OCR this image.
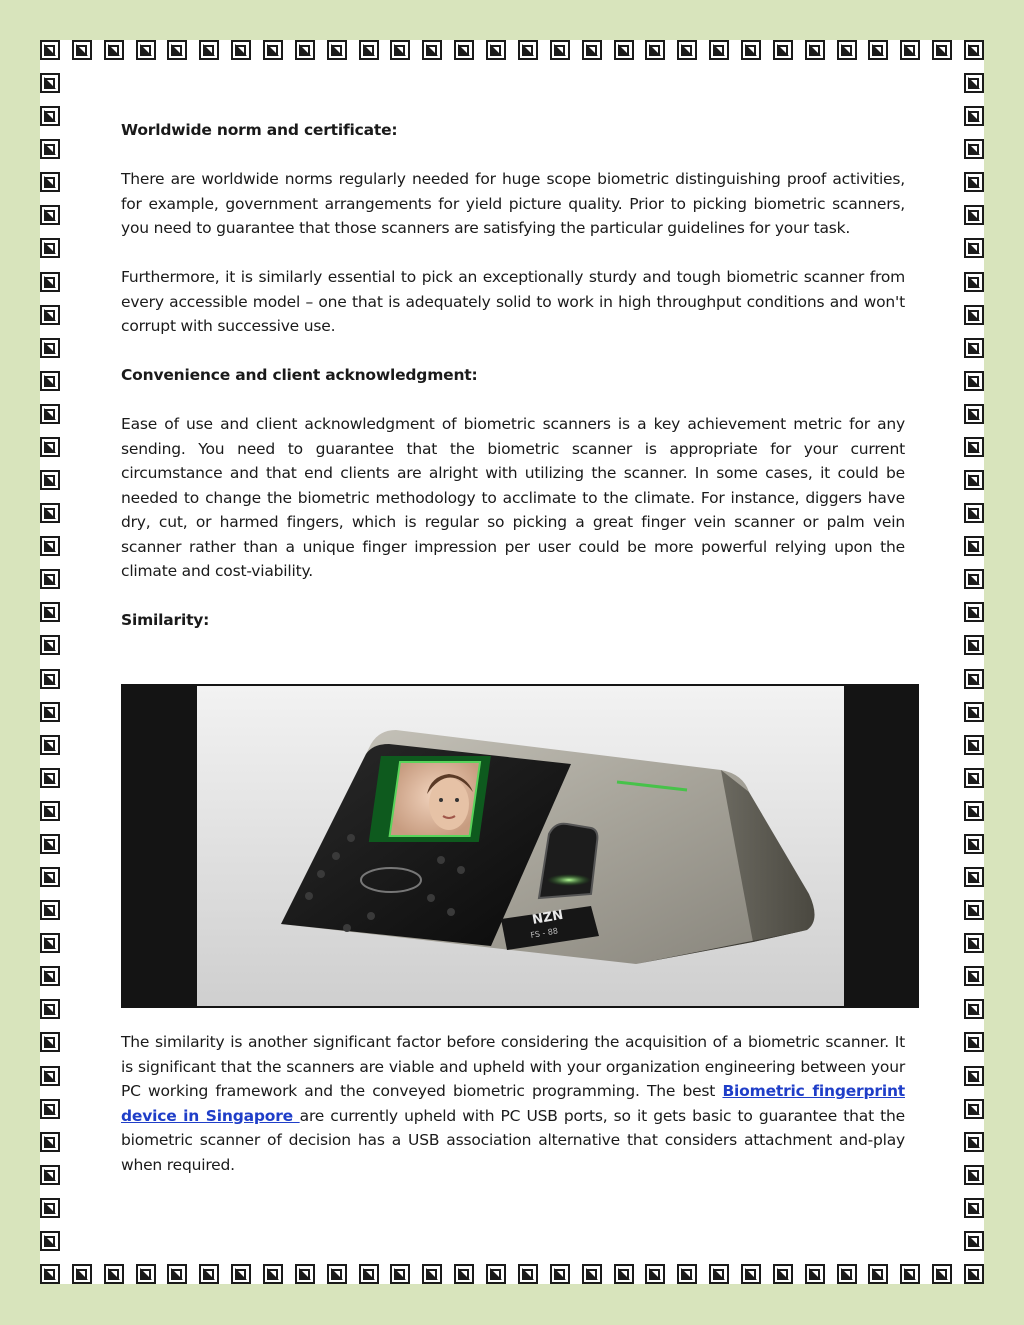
Worldwide norm and certificate:

There are worldwide norms regularly needed for huge scope biometric distinguishing proof activities, for example, government arrangements for yield picture quality. Prior to picking biometric scanners, you need to guarantee that those scanners are satisfying the particular guidelines for your task.

Furthermore, it is similarly essential to pick an exceptionally sturdy and tough biometric scanner from every accessible model – one that is adequately solid to work in high throughput conditions and won't corrupt with successive use.

Convenience and client acknowledgment:

Ease of use and client acknowledgment of biometric scanners is a key achievement metric for any sending. You need to guarantee that the biometric scanner is appropriate for your current circumstance and that end clients are alright with utilizing the scanner. In some cases, it could be needed to change the biometric methodology to acclimate to the climate. For instance, diggers have dry, cut, or harmed fingers, which is regular so picking a great finger vein scanner or palm vein scanner rather than a unique finger impression per user could be more powerful relying upon the climate and cost-viability.

Similarity:

NZN
FS - 88
The similarity is another significant factor before considering the acquisition of a biometric scanner. It is significant that the scanners are viable and upheld with your organization engineering between your PC working framework and the conveyed biometric programming. The best Biometric fingerprint device in Singapore are currently upheld with PC USB ports, so it gets basic to guarantee that the biometric scanner of decision has a USB association alternative that considers attachment and-play when required.
